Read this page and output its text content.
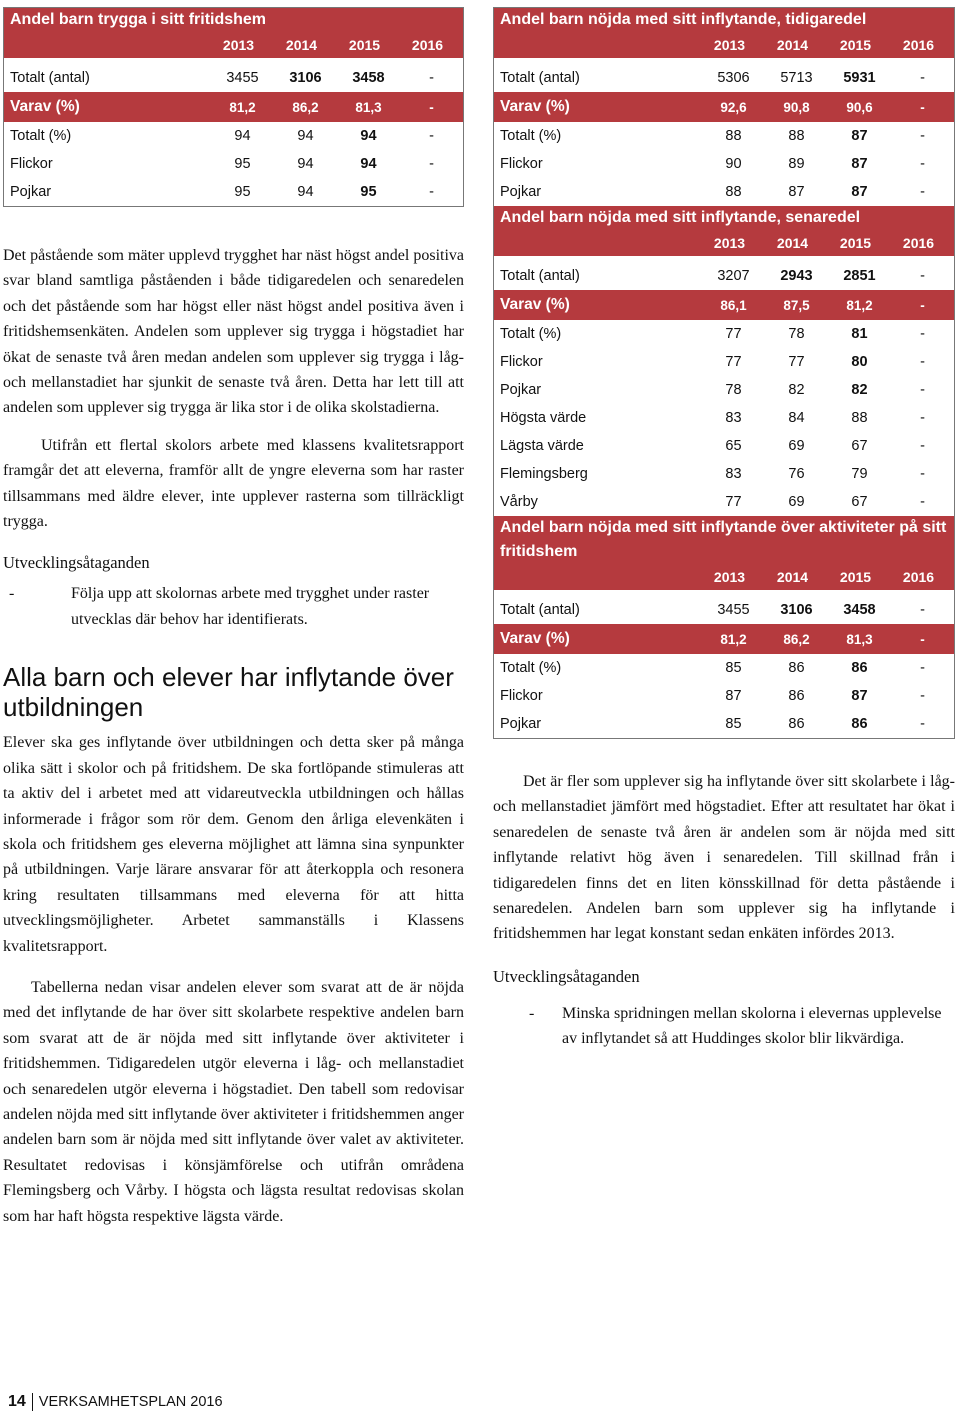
Andel barn trygga i sitt fritidshem
2013	2014	2015	2016
Totalt (antal)	3455	3106	3458	-
Varav (%)	81,2	86,2	81,3	-
Totalt (%)	94	94	94	-
Flickor	95	94	94	-
Pojkar	95	94	95	-

Det påstående som mäter upplevd trygghet har näst högst andel positiva svar bland samtliga påståenden i både tidigaredelen och senaredelen och det påstående som har högst eller näst högst andel positiva även i fritidshemsenkäten. Andelen som upplever sig trygga i högstadiet har ökat de senaste två åren medan andelen som upplever sig trygga i låg- och mellanstadiet har sjunkit de senaste två åren. Detta har lett till att andelen som upplever sig trygga är lika stor i de olika skolstadierna.

Utifrån ett flertal skolors arbete med klassens kvalitetsrapport framgår det att eleverna, framför allt de yngre eleverna som har raster tillsammans med äldre elever, inte upplever rasterna som tillräckligt trygga.

Utvecklingsåtaganden

-	Följa upp att skolornas arbete med trygghet under raster utvecklas där behov har identifierats.
Alla barn och elever har inflytande över utbildningen

Elever ska ges inflytande över utbildningen och detta sker på många olika sätt i skolor och på fritidshem. De ska fortlöpande stimuleras att ta aktiv del i arbetet med att vidareutveckla utbildningen och hållas informerade i frågor som rör dem. Genom den årliga elevenkäten i skola och fritidshem ges eleverna möjlighet att lämna sina synpunkter på utbildningen. Varje lärare ansvarar för att återkoppla och resonera kring resultaten tillsammans med eleverna för att hitta utvecklingsmöjligheter. Arbetet sammanställs i Klassens kvalitetsrapport.

Tabellerna nedan visar andelen elever som svarat att de är nöjda med det inflytande de har över sitt skolarbete respektive andelen barn som svarat att de är nöjda med sitt inflytande över aktiviteter i fritidshemmen. Tidigaredelen utgör eleverna i låg- och mellanstadiet och senaredelen utgör eleverna i högstadiet. Den tabell som redovisar andelen nöjda med sitt inflytande över aktiviteter i fritidshemmen anger andelen barn som är nöjda med sitt inflytande över valet av aktiviteter. Resultatet redovisas i könsjämförelse och utifrån områdena Flemingsberg och Vårby. I högsta och lägsta resultat redovisas skolan som har haft högsta respektive lägsta värde.

Andel barn nöjda med sitt inflytande, tidigaredel
2013	2014	2015	2016
Totalt (antal)	5306	5713	5931	-
Varav (%)	92,6	90,8	90,6	-
Totalt (%)	88	88	87	-
Flickor	90	89	87	-
Pojkar	88	87	87	-
Andel barn nöjda med sitt inflytande, senaredel
2013	2014	2015	2016
Totalt (antal)	3207	2943	2851	-
Varav (%)	86,1	87,5	81,2	-
Totalt (%)	77	78	81	-
Flickor	77	77	80	-
Pojkar	78	82	82	-
Högsta värde	83	84	88	-
Lägsta värde	65	69	67	-
Flemingsberg	83	76	79	-
Vårby	77	69	67	-
Andel barn nöjda med sitt inflytande över aktiviteter på sitt fritidshem
2013	2014	2015	2016
Totalt (antal)	3455	3106	3458	-
Varav (%)	81,2	86,2	81,3	-
Totalt (%)	85	86	86	-
Flickor	87	86	87	-
Pojkar	85	86	86	-

Det är fler som upplever sig ha inflytande över sitt skolarbete i låg- och mellanstadiet jämfört med högstadiet. Efter att resultatet har ökat i senaredelen de senaste två åren är andelen som är nöjda med sitt inflytande relativt hög även i senaredelen. Till skillnad från i tidigaredelen finns det en liten könsskillnad för detta påstående i senaredelen. Andelen barn som upplever sig ha inflytande i fritidshemmen har legat konstant sedan enkäten infördes 2013.

Utvecklingsåtaganden

-	Minska spridningen mellan skolorna i elevernas upplevelse av inflytandet så att Huddinges skolor blir likvärdiga.
14 VERKSAMHETSPLAN 2016
